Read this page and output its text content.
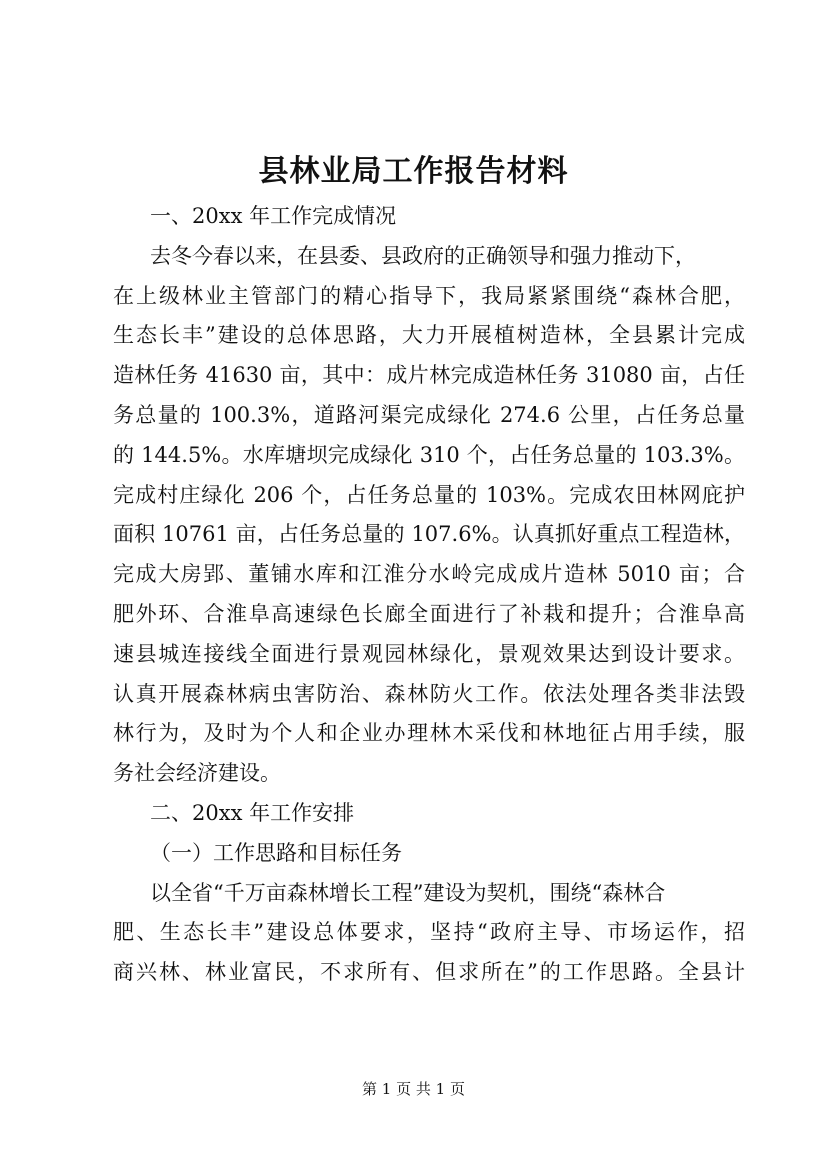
县林业局工作报告材料
一、20xx 年工作完成情况
去冬今春以来，在县委、县政府的正确领导和强力推动下，
在上级林业主管部门的精心指导下，我局紧紧围绕“森林合肥，
生态长丰”建设的总体思路，大力开展植树造林，全县累计完成
造林任务 41630 亩，其中：成片林完成造林任务 31080 亩，占任
务总量的 100.3%，道路河渠完成绿化 274.6 公里，占任务总量
的 144.5%。水库塘坝完成绿化 310 个，占任务总量的 103.3%。
完成村庄绿化 206 个，占任务总量的 103%。完成农田林网庇护
面积 10761 亩，占任务总量的 107.6%。认真抓好重点工程造林，
完成大房郢、董铺水库和江淮分水岭完成成片造林 5010 亩；合
肥外环、合淮阜高速绿色长廊全面进行了补栽和提升；合淮阜高
速县城连接线全面进行景观园林绿化，景观效果达到设计要求。
认真开展森林病虫害防治、森林防火工作。依法处理各类非法毁
林行为，及时为个人和企业办理林木采伐和林地征占用手续，服
务社会经济建设。
二、20xx 年工作安排
（一）工作思路和目标任务
以全省“千万亩森林增长工程”建设为契机，围绕“森林合
肥、生态长丰”建设总体要求，坚持“政府主导、市场运作，招
商兴林、林业富民，不求所有、但求所在”的工作思路。全县计
第 1 页 共 1 页
